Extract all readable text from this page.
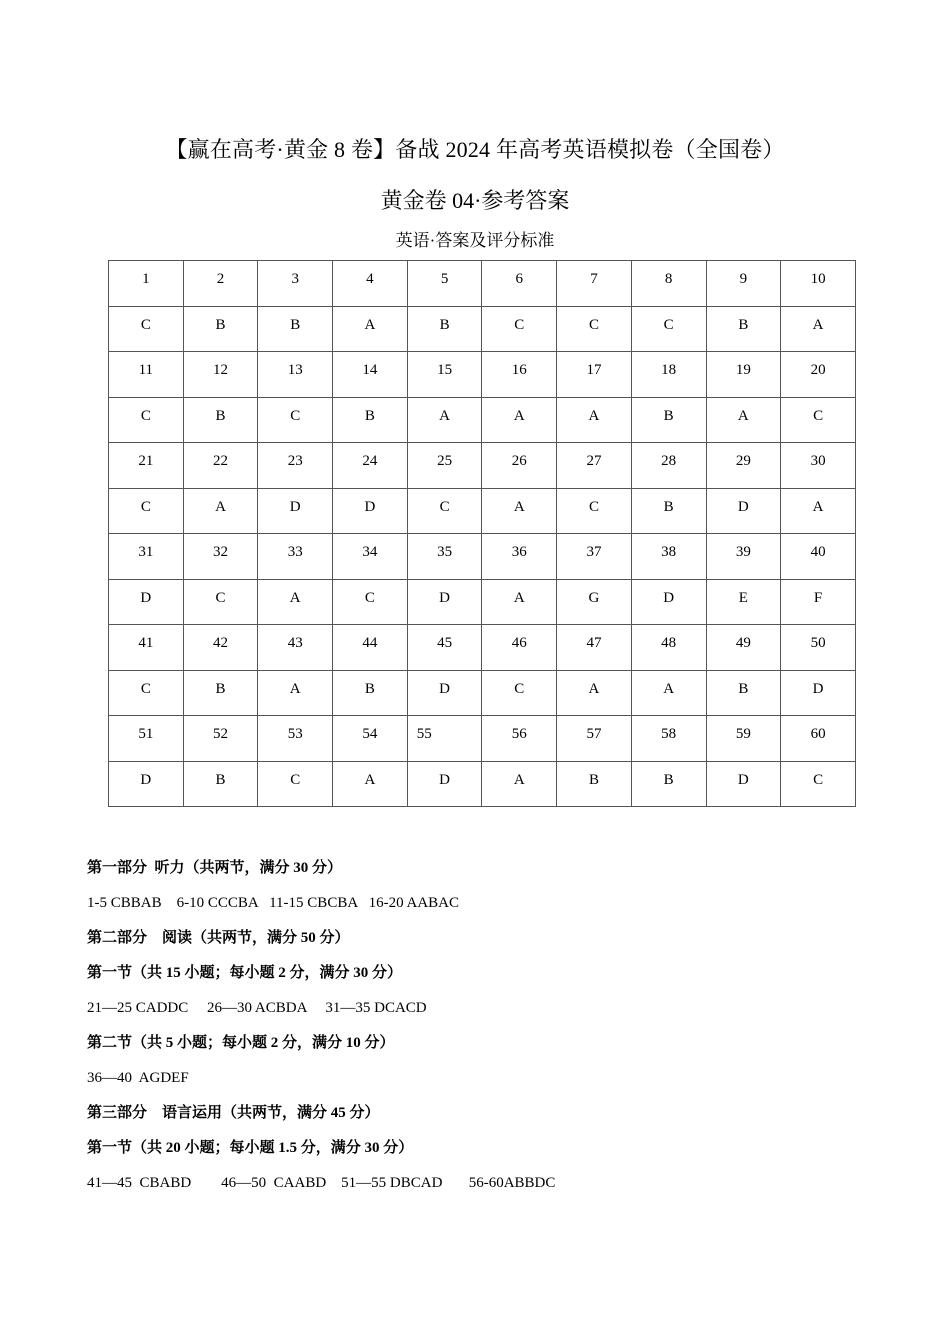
【赢在高考·黄金 8 卷】备战 2024 年高考英语模拟卷（全国卷）
黄金卷 04·参考答案
英语·答案及评分标准
1	2	3	4	5	6	7	8	9	10
C	B	B	A	B	C	C	C	B	A
11	12	13	14	15	16	17	18	19	20
C	B	C	B	A	A	A	B	A	C
21	22	23	24	25	26	27	28	29	30
C	A	D	D	C	A	C	B	D	A
31	32	33	34	35	36	37	38	39	40
D	C	A	C	D	A	G	D	E	F
41	42	43	44	45	46	47	48	49	50
C	B	A	B	D	C	A	A	B	D
51	52	53	54	55	56	57	58	59	60
D	B	C	A	D	A	B	B	D	C
第一部分  听力（共两节，满分 30 分）
1-5 CBBAB    6-10 CCCBA   11-15 CBCBA   16-20 AABAC
第二部分    阅读（共两节，满分 50 分）
第一节（共 15 小题；每小题 2 分，满分 30 分）
21—25 CADDC     26—30 ACBDA     31—35 DCACD
第二节（共 5 小题；每小题 2 分，满分 10 分）
36—40  AGDEF
第三部分    语言运用（共两节，满分 45 分）
第一节（共 20 小题；每小题 1.5 分，满分 30 分）
41—45  CBABD        46—50  CAABD    51—55 DBCAD       56-60ABBDC
